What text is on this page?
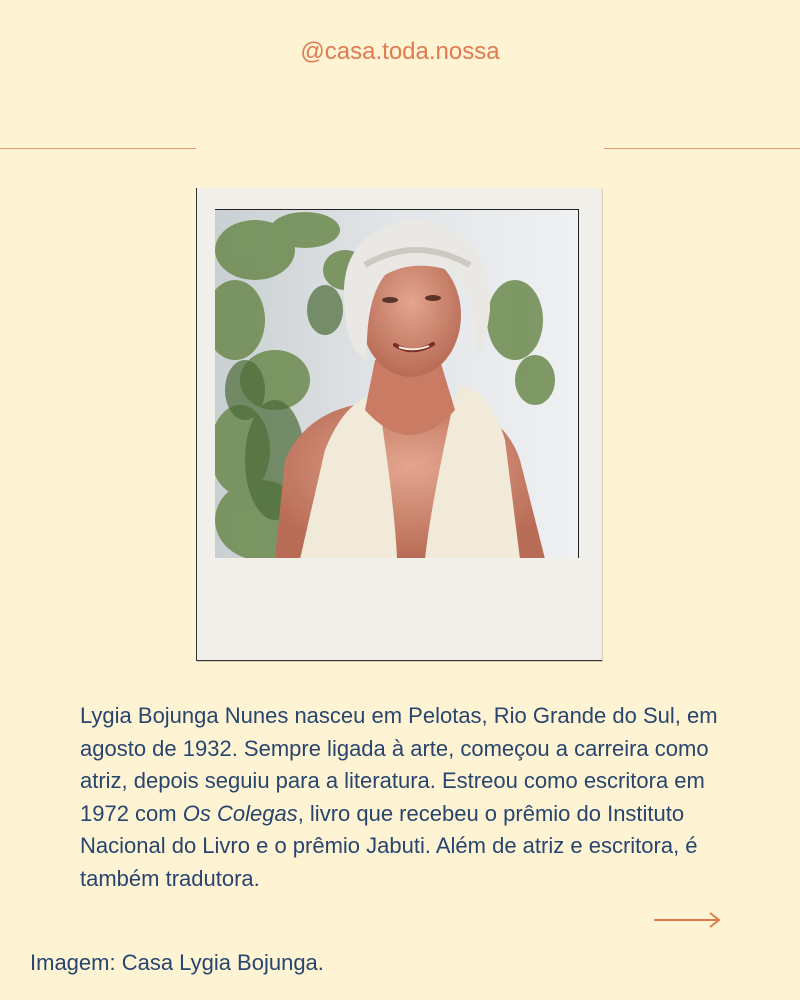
@casa.toda.nossa
Lygia Bojunga Nunes nasceu em Pelotas, Rio Grande do Sul, em agosto de 1932. Sempre ligada à arte, começou a carreira como atriz, depois seguiu para a literatura. Estreou como escritora em 1972 com Os Colegas, livro que recebeu o prêmio do Instituto Nacional do Livro e o prêmio Jabuti. Além de atriz e escritora, é também tradutora.
Imagem: Casa Lygia Bojunga.
